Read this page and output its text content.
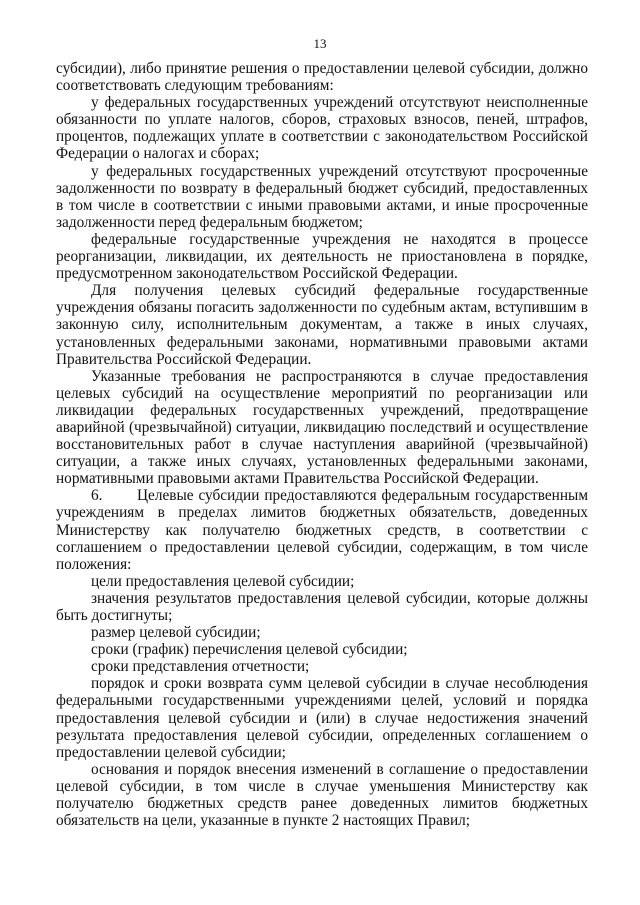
13

субсидии), либо принятие решения о предоставлении целевой субсидии, должно соответствовать следующим требованиям:

у федеральных государственных учреждений отсутствуют неисполненные обязанности по уплате налогов, сборов, страховых взносов, пеней, штрафов, процентов, подлежащих уплате в соответствии с законодательством Российской Федерации о налогах и сборах;

у федеральных государственных учреждений отсутствуют просроченные задолженности по возврату в федеральный бюджет субсидий, предоставленных в том числе в соответствии с иными правовыми актами, и иные просроченные задолженности перед федеральным бюджетом;

федеральные государственные учреждения не находятся в процессе реорганизации, ликвидации, их деятельность не приостановлена в порядке, предусмотренном законодательством Российской Федерации.

Для получения целевых субсидий федеральные государственные учреждения обязаны погасить задолженности по судебным актам, вступившим в законную силу, исполнительным документам, а также в иных случаях, установленных федеральными законами, нормативными правовыми актами Правительства Российской Федерации.

Указанные требования не распространяются в случае предоставления целевых субсидий на осуществление мероприятий по реорганизации или ликвидации федеральных государственных учреждений, предотвращение аварийной (чрезвычайной) ситуации, ликвидацию последствий и осуществление восстановительных работ в случае наступления аварийной (чрезвычайной) ситуации, а также иных случаях, установленных федеральными законами, нормативными правовыми актами Правительства Российской Федерации.

6. Целевые субсидии предоставляются федеральным государственным учреждениям в пределах лимитов бюджетных обязательств, доведенных Министерству как получателю бюджетных средств, в соответствии с соглашением о предоставлении целевой субсидии, содержащим, в том числе положения:

цели предоставления целевой субсидии;

значения результатов предоставления целевой субсидии, которые должны быть достигнуты;

размер целевой субсидии;

сроки (график) перечисления целевой субсидии;

сроки представления отчетности;

порядок и сроки возврата сумм целевой субсидии в случае несоблюдения федеральными государственными учреждениями целей, условий и порядка предоставления целевой субсидии и (или) в случае недостижения значений результата предоставления целевой субсидии, определенных соглашением о предоставлении целевой субсидии;

основания и порядок внесения изменений в соглашение о предоставлении целевой субсидии, в том числе в случае уменьшения Министерству как получателю бюджетных средств ранее доведенных лимитов бюджетных обязательств на цели, указанные в пункте 2 настоящих Правил;
